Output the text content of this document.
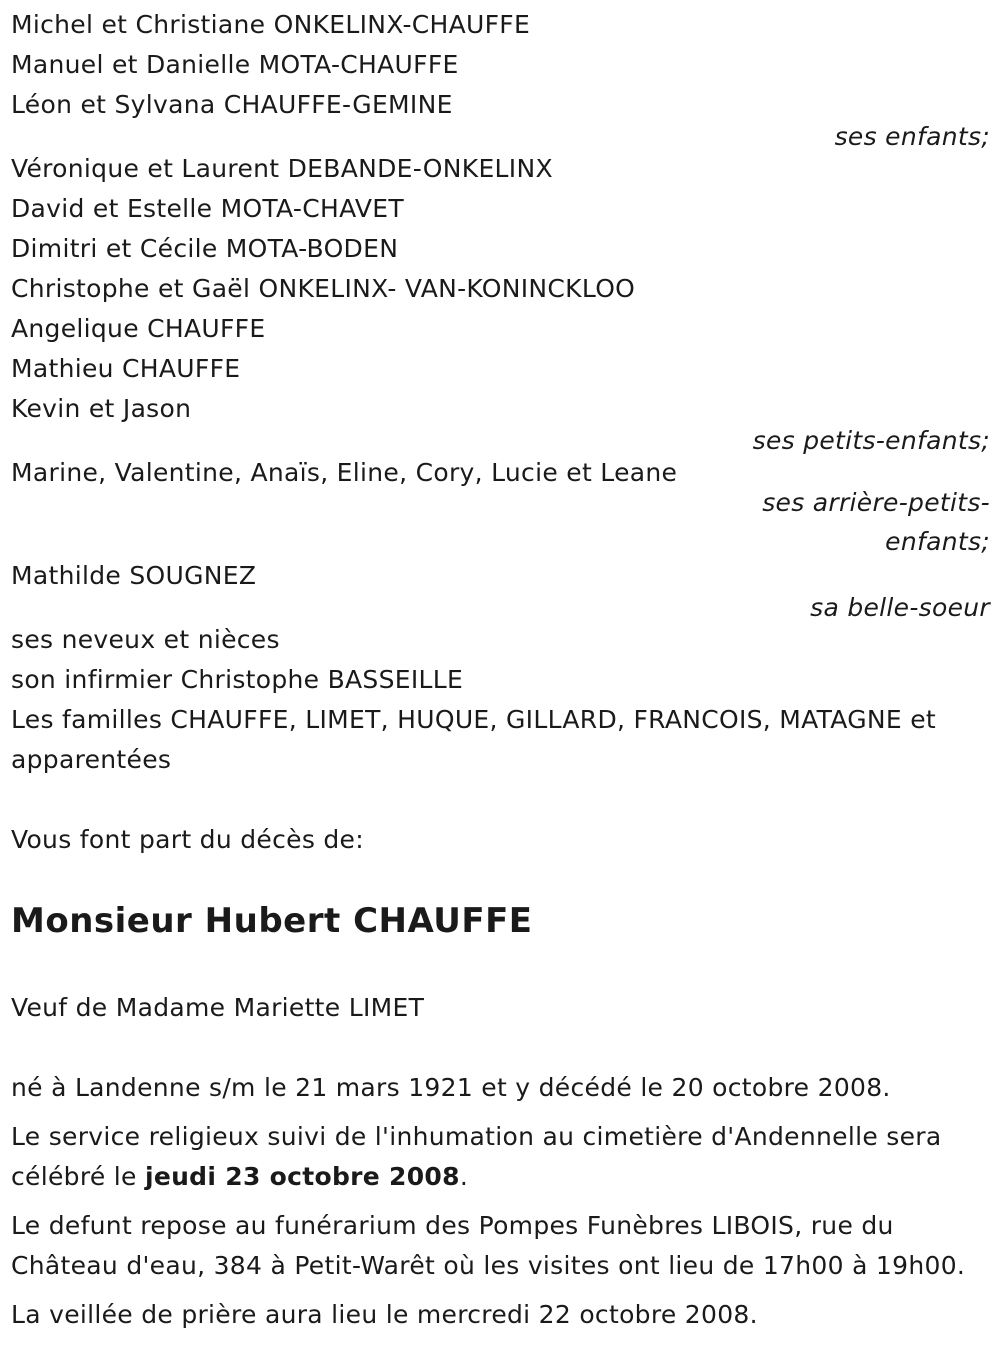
Michel et Christiane ONKELINX-CHAUFFE
Manuel et Danielle MOTA-CHAUFFE
Léon et Sylvana CHAUFFE-GEMINE
ses enfants;
Véronique et Laurent DEBANDE-ONKELINX
David et Estelle MOTA-CHAVET
Dimitri et Cécile MOTA-BODEN
Christophe et Gaël ONKELINX- VAN-KONINCKLOO
Angelique CHAUFFE
Mathieu CHAUFFE
Kevin et Jason
ses petits-enfants;
Marine, Valentine, Anaïs, Eline, Cory, Lucie et Leane
ses arrière-petits-
enfants;
Mathilde SOUGNEZ
sa belle-soeur
ses neveux et nièces
son infirmier Christophe BASSEILLE
Les familles CHAUFFE, LIMET, HUQUE, GILLARD, FRANCOIS, MATAGNE et
apparentées
Vous font part du décès de:
Monsieur Hubert CHAUFFE
Veuf de Madame Mariette LIMET
né à Landenne s/m le 21 mars 1921 et y décédé le 20 octobre 2008.
Le service religieux suivi de l'inhumation au cimetière d'Andennelle sera
célébré le jeudi 23 octobre 2008.
Le defunt repose au funérarium des Pompes Funèbres LIBOIS, rue du
Château d'eau, 384 à Petit-Warêt où les visites ont lieu de 17h00 à 19h00.
La veillée de prière aura lieu le mercredi 22 octobre 2008.
